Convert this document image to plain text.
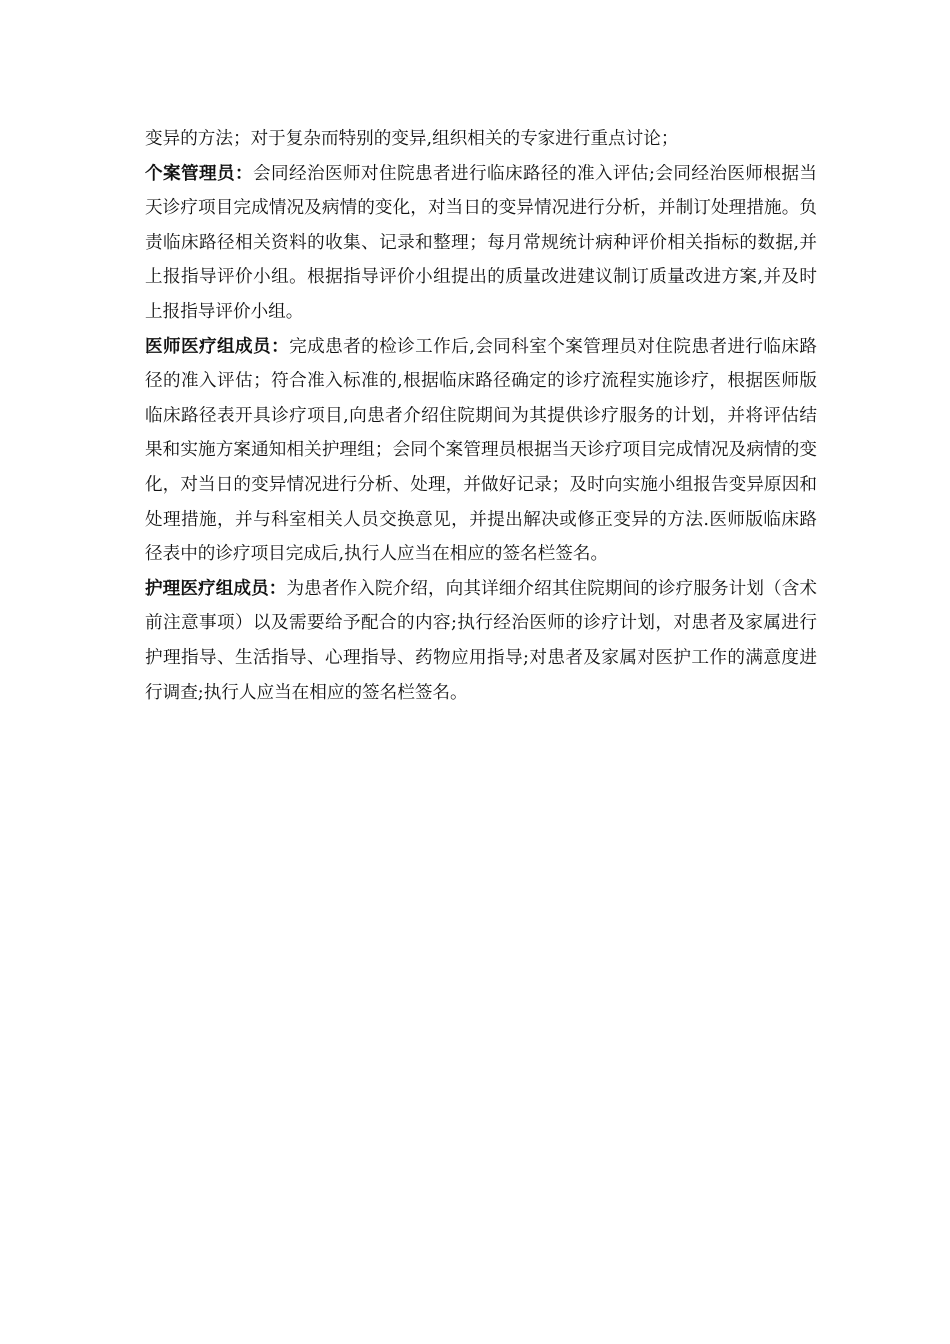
变异的方法；对于复杂而特别的变异,组织相关的专家进行重点讨论；

个案管理员：会同经治医师对住院患者进行临床路径的准入评估;会同经治医师根据当天诊疗项目完成情况及病情的变化，对当日的变异情况进行分析，并制订处理措施。负责临床路径相关资料的收集、记录和整理；每月常规统计病种评价相关指标的数据,并上报指导评价小组。根据指导评价小组提出的质量改进建议制订质量改进方案,并及时上报指导评价小组。

医师医疗组成员：完成患者的检诊工作后,会同科室个案管理员对住院患者进行临床路径的准入评估；符合准入标准的,根据临床路径确定的诊疗流程实施诊疗，根据医师版临床路径表开具诊疗项目,向患者介绍住院期间为其提供诊疗服务的计划，并将评估结果和实施方案通知相关护理组；会同个案管理员根据当天诊疗项目完成情况及病情的变化，对当日的变异情况进行分析、处理，并做好记录；及时向实施小组报告变异原因和处理措施，并与科室相关人员交换意见，并提出解决或修正变异的方法.医师版临床路径表中的诊疗项目完成后,执行人应当在相应的签名栏签名。

护理医疗组成员：为患者作入院介绍，向其详细介绍其住院期间的诊疗服务计划（含术前注意事项）以及需要给予配合的内容;执行经治医师的诊疗计划，对患者及家属进行护理指导、生活指导、心理指导、药物应用指导;对患者及家属对医护工作的满意度进行调查;执行人应当在相应的签名栏签名。
